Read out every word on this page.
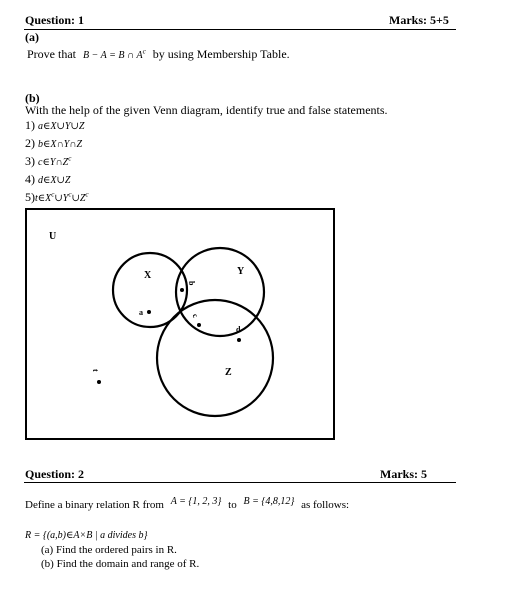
Question: 1	Marks: 5+5
(a)
Prove that B − A = B ∩ $A^c$ by using Membership Table.
(b)
With the help of the given Venn diagram, identify true and false statements.
1) a∈X∪Y∪Z
2) b∈X∩Y∩Z
3) $c\in Y\cap Z^c$
4) d∈X∪Z
$5)t\in X^c\cup Y^c\cup Z^c$
U
X	Y
Z
a
b
c
d
t
Question: 2	Marks: 5
Define a binary relation R from A = {1, 2, 3} to B = {4,8,12} as follows:
R = {(a,b)∈A×B | a divides b}
(a) Find the ordered pairs in R.
(b) Find the domain and range of R.
